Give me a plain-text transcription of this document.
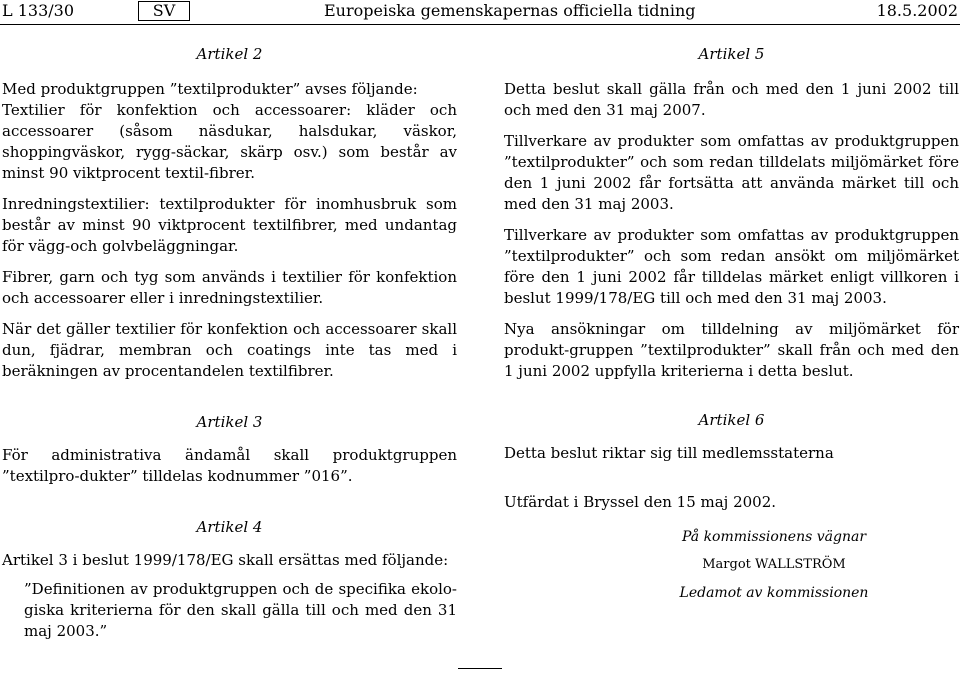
L 133/30	SV	Europeiska gemenskapernas officiella tidning	18.5.2002
Artikel 2

Med produktgruppen ”textilprodukter” avses följande:

Textilier för konfektion och accessoarer: kläder och accessoarer (såsom näsdukar, halsdukar, väskor, shoppingväskor, rygg-säckar, skärp osv.) som består av minst 90 viktprocent textil-fibrer.

Inredningstextilier: textilprodukter för inomhusbruk som består av minst 90 viktprocent textilfibrer, med undantag för vägg-och golvbeläggningar.

Fibrer, garn och tyg som används i textilier för konfektion och accessoarer eller i inredningstextilier.

När det gäller textilier för konfektion och accessoarer skall dun, fjädrar, membran och coatings inte tas med i beräkningen av procentandelen textilfibrer.

Artikel 3

För administrativa ändamål skall produktgruppen ”textilpro-dukter” tilldelas kodnummer ”016”.

Artikel 4

Artikel 3 i beslut 1999/178/EG skall ersättas med följande:

”Definitionen av produktgruppen och de specifika ekolo-giska kriterierna för den skall gälla till och med den 31 maj 2003.”

Artikel 5

Detta beslut skall gälla från och med den 1 juni 2002 till och med den 31 maj 2007.

Tillverkare av produkter som omfattas av produktgruppen ”textilprodukter” och som redan tilldelats miljömärket före den 1 juni 2002 får fortsätta att använda märket till och med den 31 maj 2003.

Tillverkare av produkter som omfattas av produktgruppen ”textilprodukter” och som redan ansökt om miljömärket före den 1 juni 2002 får tilldelas märket enligt villkoren i beslut 1999/178/EG till och med den 31 maj 2003.

Nya ansökningar om tilldelning av miljömärket för produkt-gruppen ”textilprodukter” skall från och med den 1 juni 2002 uppfylla kriterierna i detta beslut.

Artikel 6

Detta beslut riktar sig till medlemsstaterna

Utfärdat i Bryssel den 15 maj 2002.

På kommissionens vägnar
Margot WALLSTRÖM
Ledamot av kommissionen
